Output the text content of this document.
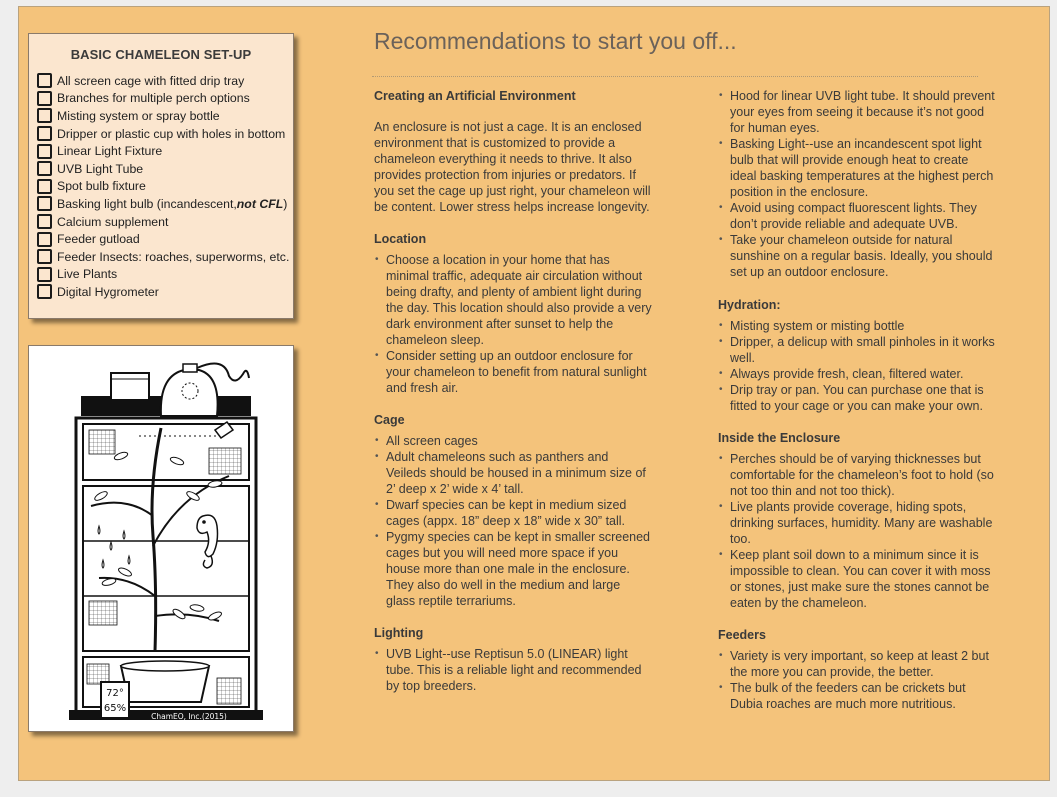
BASIC CHAMELEON SET-UP
All screen cage with fitted drip tray
Branches for multiple perch options
Misting system or spray bottle
Dripper or plastic cup with holes in bottom
Linear Light Fixture
UVB Light Tube
Spot bulb fixture
Basking light bulb (incandescent, not CFL )
Calcium supplement
Feeder gutload
Feeder Insects: roaches, superworms, etc.
Live Plants
Digital Hygrometer
72°
65%
ChamEO, Inc.(2015)
Recommendations to start you off...
Creating an Artificial Environment

An enclosure is not just a cage. It is an enclosed environment that is customized to provide a chameleon everything it needs to thrive. It also provides protection from injuries or predators. If you set the cage up just right, your chameleon will be content. Lower stress helps increase longevity.

Location
• Choose a location in your home that has minimal traffic, adequate air circulation without being drafty, and plenty of ambient light during the day. This location should also provide a very dark environment after sunset to help the chameleon sleep.
• Consider setting up an outdoor enclosure for your chameleon to benefit from natural sunlight and fresh air.
Cage
• All screen cages
• Adult chameleons such as panthers and Veileds should be housed in a minimum size of 2’ deep x 2’ wide x 4’ tall.
• Dwarf species can be kept in medium sized cages (appx. 18” deep x 18” wide x 30” tall.
• Pygmy species can be kept in smaller screened cages but you will need more space if you house more than one male in the enclosure. They also do well in the medium and large glass reptile terrariums.
Lighting
• UVB Light--use Reptisun 5.0 (LINEAR) light tube. This is a reliable light and recommended by top breeders.
• Hood for linear UVB light tube. It should prevent your eyes from seeing it because it’s not good for human eyes.
• Basking Light--use an incandescent spot light bulb that will provide enough heat to create ideal basking temperatures at the highest perch position in the enclosure.
• Avoid using compact fluorescent lights. They don’t provide reliable and adequate UVB.
• Take your chameleon outside for natural sunshine on a regular basis. Ideally, you should set up an outdoor enclosure.
Hydration:
• Misting system or misting bottle
• Dripper, a delicup with small pinholes in it works well.
• Always provide fresh, clean, filtered water.
• Drip tray or pan. You can purchase one that is fitted to your cage or you can make your own.
Inside the Enclosure
• Perches should be of varying thicknesses but comfortable for the chameleon’s foot to hold (so not too thin and not too thick).
• Live plants provide coverage, hiding spots, drinking surfaces, humidity. Many are washable too.
• Keep plant soil down to a minimum since it is impossible to clean. You can cover it with moss or stones, just make sure the stones cannot be eaten by the chameleon.
Feeders
• Variety is very important, so keep at least 2 but the more you can provide, the better.
• The bulk of the feeders can be crickets but Dubia roaches are much more nutritious.
